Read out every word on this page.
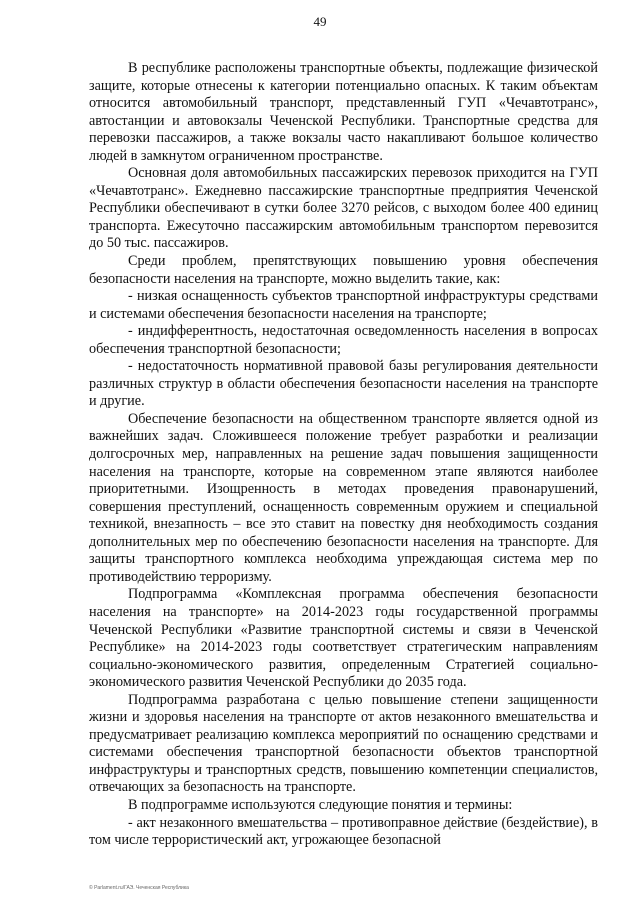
49

В республике расположены транспортные объекты, подлежащие физической защите, которые отнесены к категории потенциально опасных. К таким объектам относится автомобильный транспорт, представленный ГУП «Чечавтотранс», автостанции и автовокзалы Чеченской Республики. Транспортные средства для перевозки пассажиров, а также вокзалы часто накапливают большое количество людей в замкнутом ограниченном пространстве.

Основная доля автомобильных пассажирских перевозок приходится на ГУП «Чечавтотранс». Ежедневно пассажирские транспортные предприятия Чеченской Республики обеспечивают в сутки более 3270 рейсов, с выходом более 400 единиц транспорта. Ежесуточно пассажирским автомобильным транспортом перевозится до 50 тыс. пассажиров.

Среди проблем, препятствующих повышению уровня обеспечения безопасности населения на транспорте, можно выделить такие, как:

- низкая оснащенность субъектов транспортной инфраструктуры средствами и системами обеспечения безопасности населения на транспорте;

- индифферентность, недостаточная осведомленность населения в вопросах обеспечения транспортной безопасности;

- недостаточность нормативной правовой базы регулирования деятельности различных структур в области обеспечения безопасности населения на транспорте и другие.

Обеспечение безопасности на общественном транспорте является одной из важнейших задач. Сложившееся положение требует разработки и реализации долгосрочных мер, направленных на решение задач повышения защищенности населения на транспорте, которые на современном этапе являются наиболее приоритетными. Изощренность в методах проведения правонарушений, совершения преступлений, оснащенность современным оружием и специальной техникой, внезапность – все это ставит на повестку дня необходимость создания дополнительных мер по обеспечению безопасности населения на транспорте. Для защиты транспортного комплекса необходима упреждающая система мер по противодействию терроризму.

Подпрограмма «Комплексная программа обеспечения безопасности населения на транспорте» на 2014-2023 годы государственной программы Чеченской Республики «Развитие транспортной системы и связи в Чеченской Республике» на 2014-2023 годы соответствует стратегическим направлениям социально-экономического развития, определенным Стратегией социально-экономического развития Чеченской Республики до 2035 года.

Подпрограмма разработана с целью повышение степени защищенности жизни и здоровья населения на транспорте от актов незаконного вмешательства и предусматривает реализацию комплекса мероприятий по оснащению средствами и системами обеспечения транспортной безопасности объектов транспортной инфраструктуры и транспортных средств, повышению компетенции специалистов, отвечающих за безопасность на транспорте.

В подпрограмме используются следующие понятия и термины:

- акт незаконного вмешательства – противоправное действие (бездействие), в том числе террористический акт, угрожающее безопасной

© Parlament.ru/ГАЭ. Чеченская Республика
